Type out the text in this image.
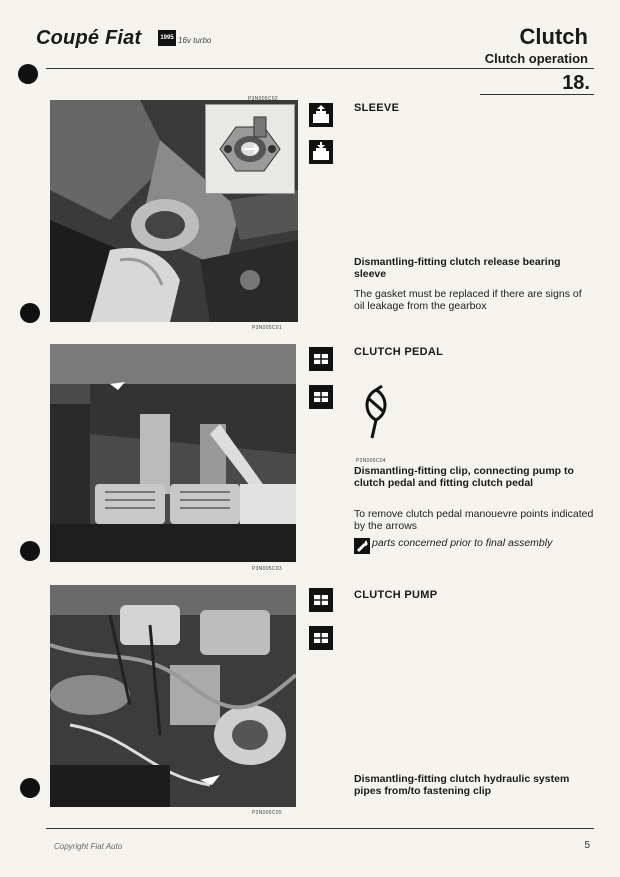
Coupé Fiat	1995 16v turbo	Clutch
Clutch operation
18.
P3N005C02
P3N005C01
SLEEVE
Dismantling-fitting clutch release bearing sleeve
The gasket must be replaced if there are signs of oil leakage from the gearbox
P3N005C03
CLUTCH PEDAL
P3N005C04
Dismantling-fitting clip, connecting pump to clutch pedal and fitting clutch pedal
To remove clutch pedal manouevre points indicated by the arrows
parts concerned prior to final assembly
P3N005C05
CLUTCH PUMP
Dismantling-fitting clutch hydraulic system pipes from/to fastening clip
Copyright Fiat Auto	5
